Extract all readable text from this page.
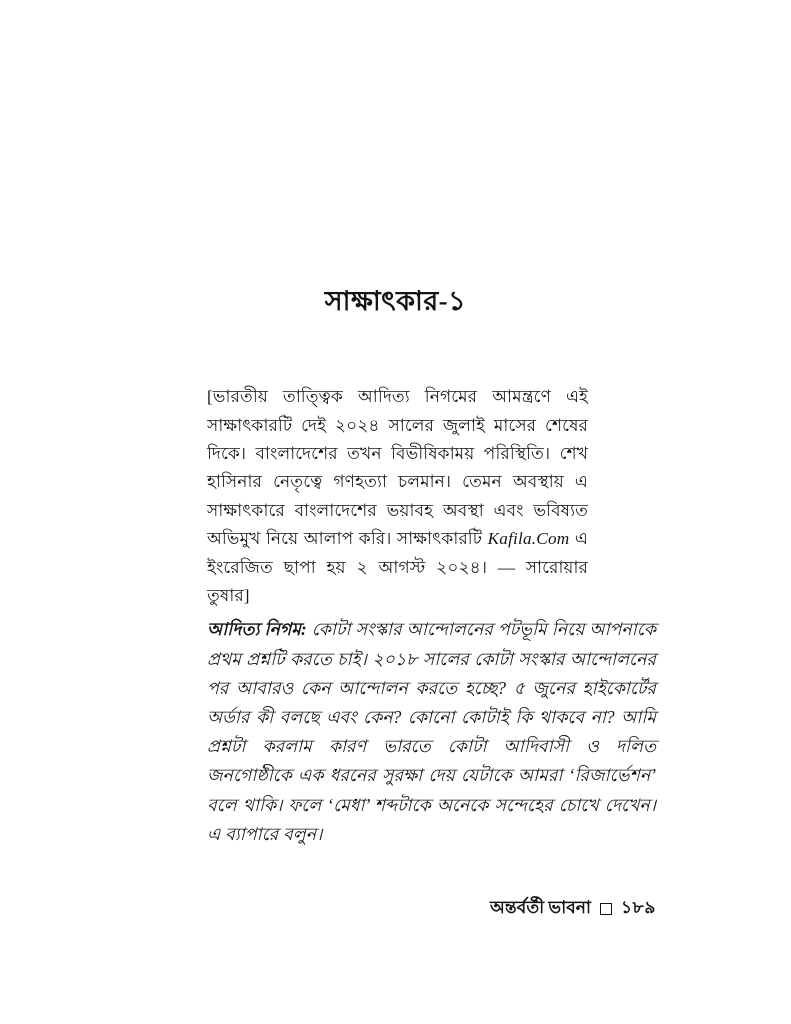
সাক্ষাৎকার-১

[ভারতীয় তাত্ত্বিক আদিত্য নিগমের আমন্ত্রণে এই সাক্ষাৎকারটি দেই ২০২৪ সালের জুলাই মাসের শেষের দিকে। বাংলাদেশের তখন বিভীষিকাময় পরিস্থিতি। শেখ হাসিনার নেতৃত্বে গণহত্যা চলমান। তেমন অবস্থায় এ সাক্ষাৎকারে বাংলাদেশের ভয়াবহ অবস্থা এবং ভবিষ্যত অভিমুখ নিয়ে আলাপ করি। সাক্ষাৎকারটি Kafila.Com এ ইংরেজিত ছাপা হয় ২ আগস্ট ২০২৪। — সারোয়ার তুষার]

আদিত্য নিগম: কোটা সংস্কার আন্দোলনের পটভূমি নিয়ে আপনাকে প্রথম প্রশ্নটি করতে চাই। ২০১৮ সালের কোটা সংস্কার আন্দোলনের পর আবারও কেন আন্দোলন করতে হচ্ছে? ৫ জুনের হাইকোর্টের অর্ডার কী বলছে এবং কেন? কোনো কোটাই কি থাকবে না? আমি প্রশ্নটা করলাম কারণ ভারতে কোটা আদিবাসী ও দলিত জনগোষ্ঠীকে এক ধরনের সুরক্ষা দেয় যেটাকে আমরা ‘রিজার্ভেশন’ বলে থাকি। ফলে ‘মেধা’ শব্দটাকে অনেকে সন্দেহের চোখে দেখেন। এ ব্যাপারে বলুন।

অন্তর্বর্তী ভাবনা ১৮৯
